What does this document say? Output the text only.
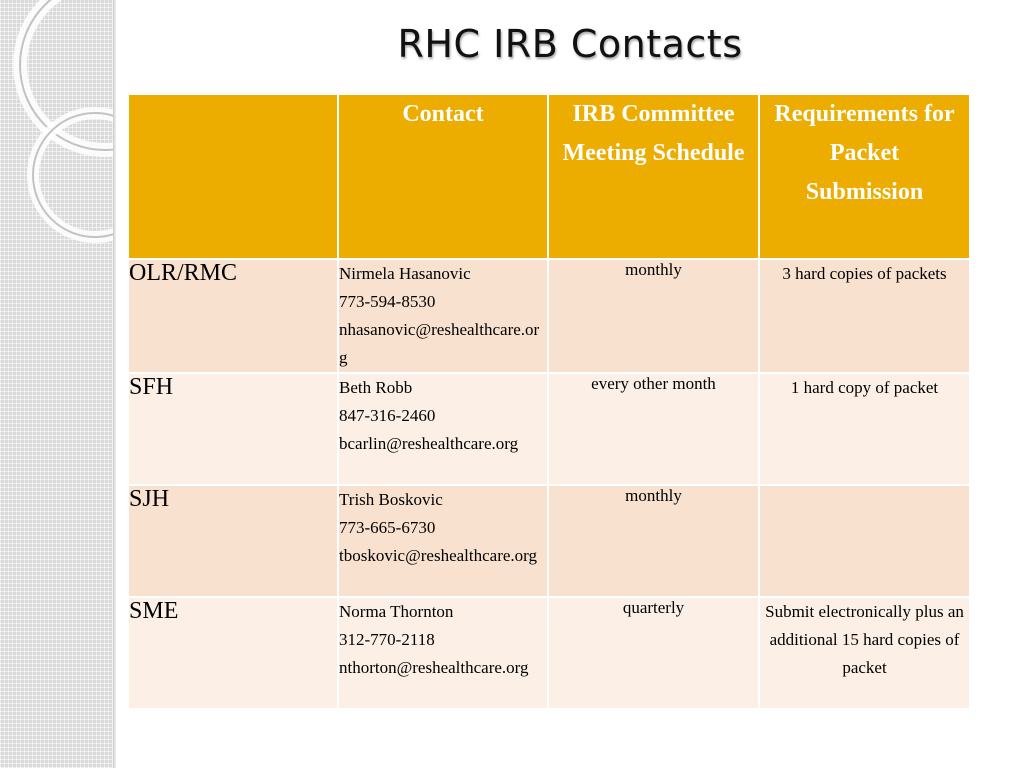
RHC IRB Contacts
	Contact	IRB Committee Meeting Schedule	Requirements for Packet Submission
OLR/RMC	Nirmela Hasanovic
773-594-8530
nhasanovic@reshealthcare.org	monthly	3 hard copies of packets
SFH	Beth Robb
847-316-2460
bcarlin@reshealthcare.org	every other month	1 hard copy of packet
SJH	Trish Boskovic
773-665-6730
tboskovic@reshealthcare.org	monthly	
SME	Norma Thornton
312-770-2118
nthorton@reshealthcare.org	quarterly	Submit electronically plus an additional 15 hard copies of packet
